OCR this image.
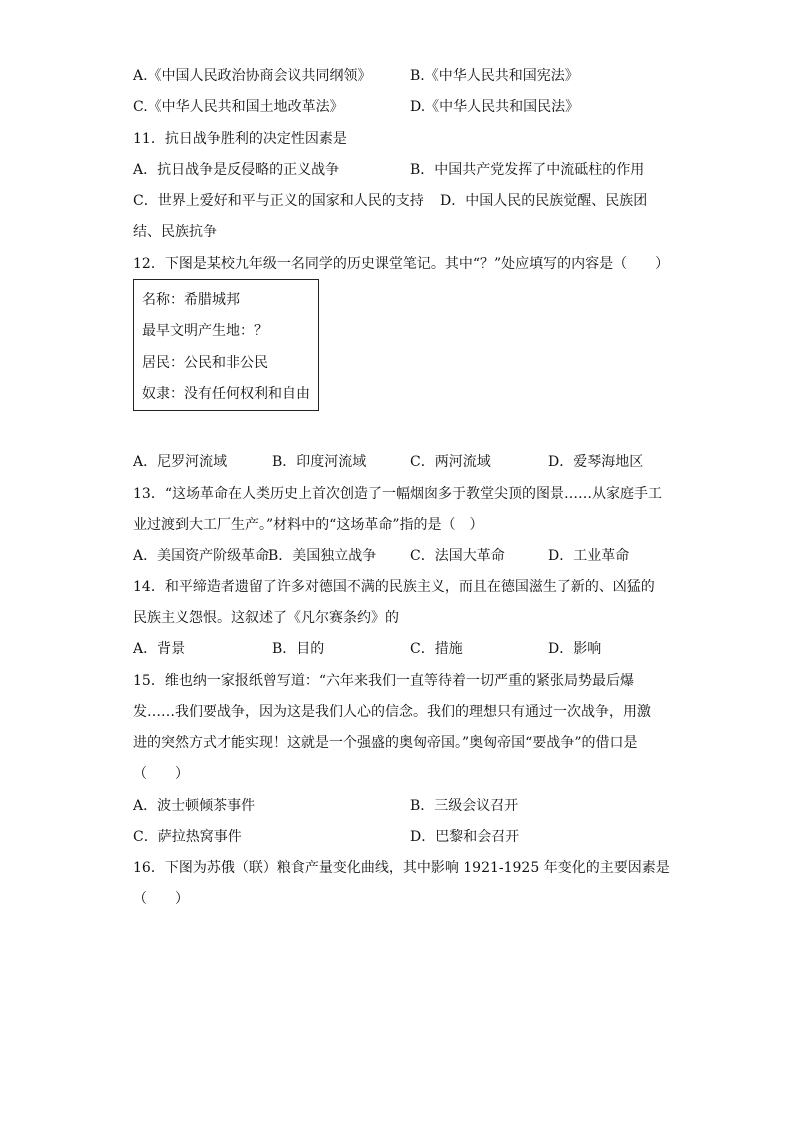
A.《中国人民政治协商会议共同纲领》	B.《中华人民共和国宪法》
C.《中华人民共和国土地改革法》	D.《中华人民共和国民法》
11．抗日战争胜利的决定性因素是
A．抗日战争是反侵略的正义战争	B．中国共产党发挥了中流砥柱的作用
C．世界上爱好和平与正义的国家和人民的支持 D．中国人民的民族觉醒、民族团
结、民族抗争
12．下图是某校九年级一名同学的历史课堂笔记。其中“？”处应填写的内容是（　　）
名称：希腊城邦
最早文明产生地：？
居民：公民和非公民
奴隶：没有任何权利和自由
A．尼罗河流域	B．印度河流域	C．两河流域	D．爱琴海地区
13．“这场革命在人类历史上首次创造了一幅烟囱多于教堂尖顶的图景……从家庭手工
业过渡到大工厂生产。”材料中的“这场革命”指的是（　）
A．美国资产阶级革命
B．美国独立战争 C．法国大革命	D．工业革命
14．和平缔造者遗留了许多对德国不满的民族主义，而且在德国滋生了新的、凶猛的
民族主义怨恨。这叙述了《凡尔赛条约》的
A．背景	B．目的	C．措施	D．影响
15．维也纳一家报纸曾写道：“六年来我们一直等待着一切严重的紧张局势最后爆
发……我们要战争，因为这是我们人心的信念。我们的理想只有通过一次战争，用激
进的突然方式才能实现！这就是一个强盛的奥匈帝国。”奥匈帝国“要战争”的借口是
（　　）
A．波士顿倾茶事件	B．三级会议召开
C．萨拉热窝事件	D．巴黎和会召开
16．下图为苏俄（联）粮食产量变化曲线，其中影响 1921-1925 年变化的主要因素是
（　　）
